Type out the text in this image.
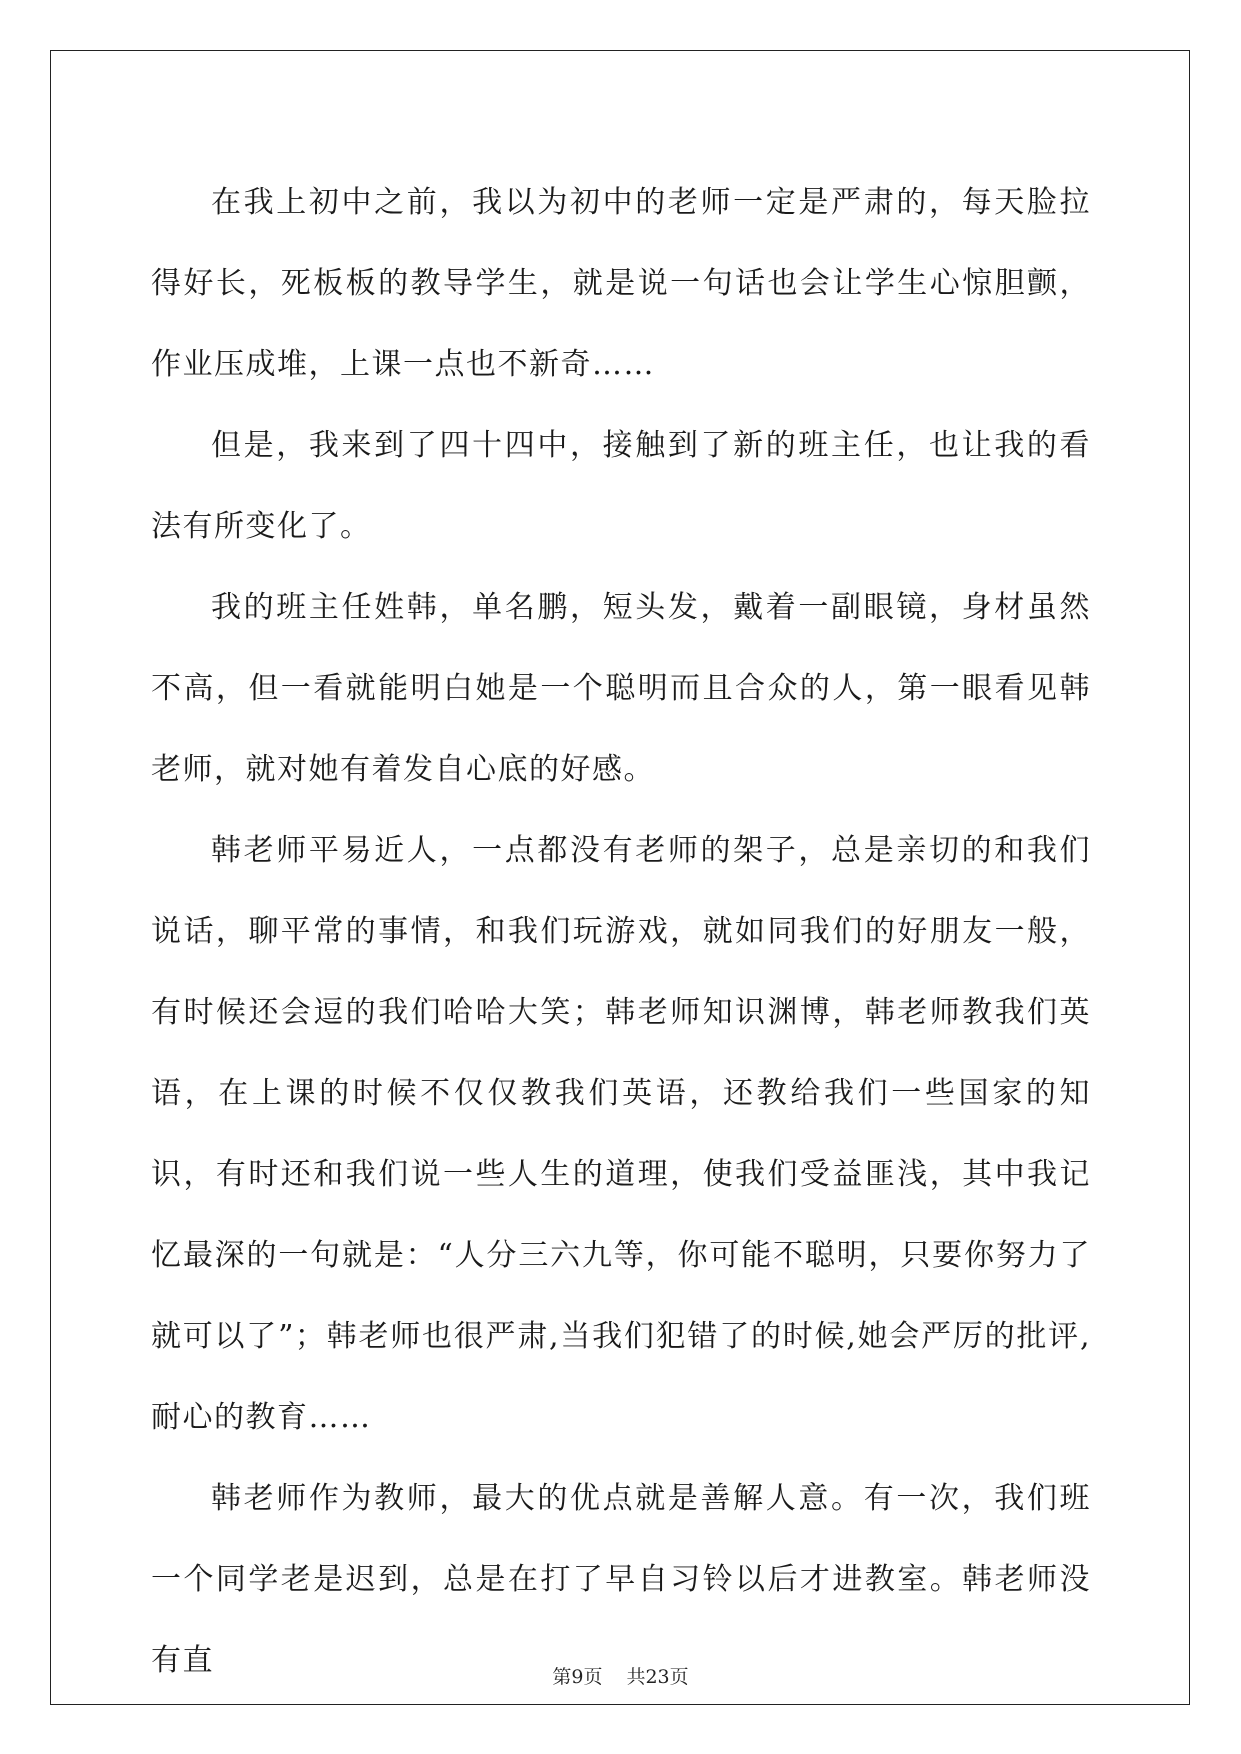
在我上初中之前，我以为初中的老师一定是严肃的，每天脸拉得好长，死板板的教导学生，就是说一句话也会让学生心惊胆颤，作业压成堆，上课一点也不新奇……

但是，我来到了四十四中，接触到了新的班主任，也让我的看法有所变化了。

我的班主任姓韩，单名鹏，短头发，戴着一副眼镜，身材虽然不高，但一看就能明白她是一个聪明而且合众的人，第一眼看见韩老师，就对她有着发自心底的好感。

韩老师平易近人，一点都没有老师的架子，总是亲切的和我们说话，聊平常的事情，和我们玩游戏，就如同我们的好朋友一般，有时候还会逗的我们哈哈大笑；韩老师知识渊博，韩老师教我们英语，在上课的时候不仅仅教我们英语，还教给我们一些国家的知识，有时还和我们说一些人生的道理，使我们受益匪浅，其中我记忆最深的一句就是：“人分三六九等，你可能不聪明，只要你努力了就可以了”；韩老师也很严肃,当我们犯错了的时候,她会严厉的批评,耐心的教育……

韩老师作为教师，最大的优点就是善解人意。有一次，我们班一个同学老是迟到，总是在打了早自习铃以后才进教室。韩老师没有直	第9页 共23页
